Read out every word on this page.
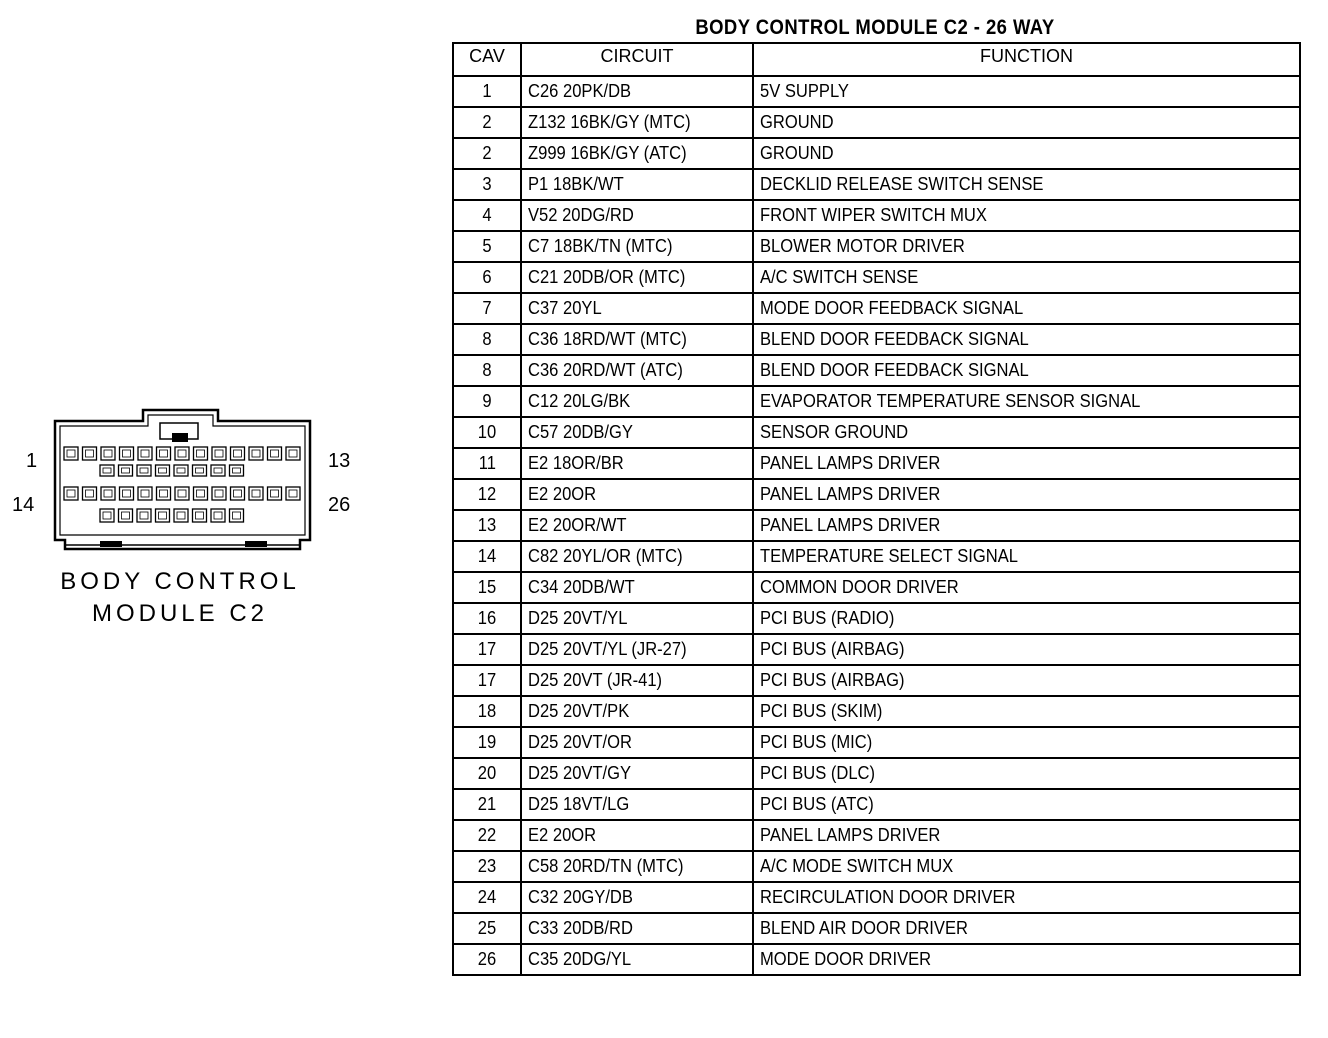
1	13
14	26
BODY CONTROL
MODULE C2
BODY CONTROL MODULE C2 - 26 WAY
CAV	CIRCUIT	FUNCTION
1	C26 20PK/DB	5V SUPPLY
2	Z132 16BK/GY (MTC)	GROUND
2	Z999 16BK/GY (ATC)	GROUND
3	P1 18BK/WT	DECKLID RELEASE SWITCH SENSE
4	V52 20DG/RD	FRONT WIPER SWITCH MUX
5	C7 18BK/TN (MTC)	BLOWER MOTOR DRIVER
6	C21 20DB/OR (MTC)	A/C SWITCH SENSE
7	C37 20YL	MODE DOOR FEEDBACK SIGNAL
8	C36 18RD/WT (MTC)	BLEND DOOR FEEDBACK SIGNAL
8	C36 20RD/WT (ATC)	BLEND DOOR FEEDBACK SIGNAL
9	C12 20LG/BK	EVAPORATOR TEMPERATURE SENSOR SIGNAL
10	C57 20DB/GY	SENSOR GROUND
11	E2 18OR/BR	PANEL LAMPS DRIVER
12	E2 20OR	PANEL LAMPS DRIVER
13	E2 20OR/WT	PANEL LAMPS DRIVER
14	C82 20YL/OR (MTC)	TEMPERATURE SELECT SIGNAL
15	C34 20DB/WT	COMMON DOOR DRIVER
16	D25 20VT/YL	PCI BUS (RADIO)
17	D25 20VT/YL (JR-27)	PCI BUS (AIRBAG)
17	D25 20VT (JR-41)	PCI BUS (AIRBAG)
18	D25 20VT/PK	PCI BUS (SKIM)
19	D25 20VT/OR	PCI BUS (MIC)
20	D25 20VT/GY	PCI BUS (DLC)
21	D25 18VT/LG	PCI BUS (ATC)
22	E2 20OR	PANEL LAMPS DRIVER
23	C58 20RD/TN (MTC)	A/C MODE SWITCH MUX
24	C32 20GY/DB	RECIRCULATION DOOR DRIVER
25	C33 20DB/RD	BLEND AIR DOOR DRIVER
26	C35 20DG/YL	MODE DOOR DRIVER
